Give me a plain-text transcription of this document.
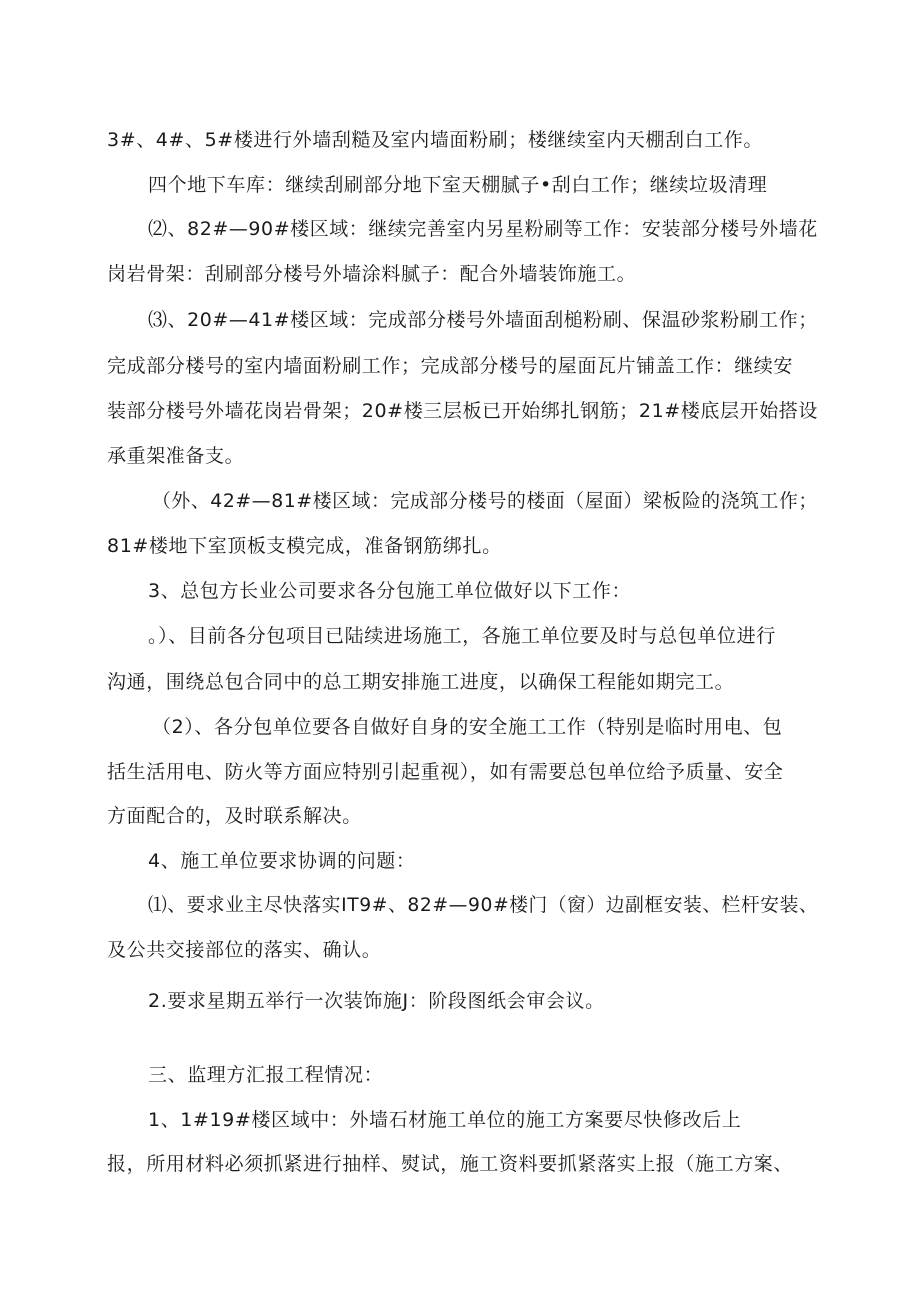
3#、4#、5#楼进行外墙刮糙及室内墙面粉刷；楼继续室内天棚刮白工作。
四个地下车库：继续刮刷部分地下室天棚腻子•刮白工作；继续垃圾清理
⑵、82#—90#楼区域：继续完善室内另星粉刷等工作：安装部分楼号外墙花
岗岩骨架：刮刷部分楼号外墙涂料腻子：配合外墙装饰施工。
⑶、20#—41#楼区域：完成部分楼号外墙面刮槌粉刷、保温砂浆粉刷工作；
完成部分楼号的室内墙面粉刷工作；完成部分楼号的屋面瓦片铺盖工作：继续安
装部分楼号外墙花岗岩骨架；20#楼三层板已开始绑扎钢筋；21#楼底层开始搭设
承重架准备支。
（外、42#—81#楼区域：完成部分楼号的楼面（屋面）梁板险的浇筑工作；
81#楼地下室顶板支模完成，准备钢筋绑扎。
3、总包方长业公司要求各分包施工单位做好以下工作：
。）、目前各分包项目已陆续进场施工，各施工单位要及时与总包单位进行
沟通，围绕总包合同中的总工期安排施工进度，以确保工程能如期完工。
（2）、各分包单位要各自做好自身的安全施工工作（特别是临时用电、包
括生活用电、防火等方面应特别引起重视），如有需要总包单位给予质量、安全
方面配合的，及时联系解决。
4、施工单位要求协调的问题：
⑴、要求业主尽快落实IT9#、82#—90#楼门（窗）边副框安装、栏杆安装、
及公共交接部位的落实、确认。
2.要求星期五举行一次装饰施J：阶段图纸会审会议。
三、监理方汇报工程情况：
1、1#19#楼区域中：外墙石材施工单位的施工方案要尽快修改后上
报，所用材料必须抓紧进行抽样、熨试，施工资料要抓紧落实上报（施工方案、
